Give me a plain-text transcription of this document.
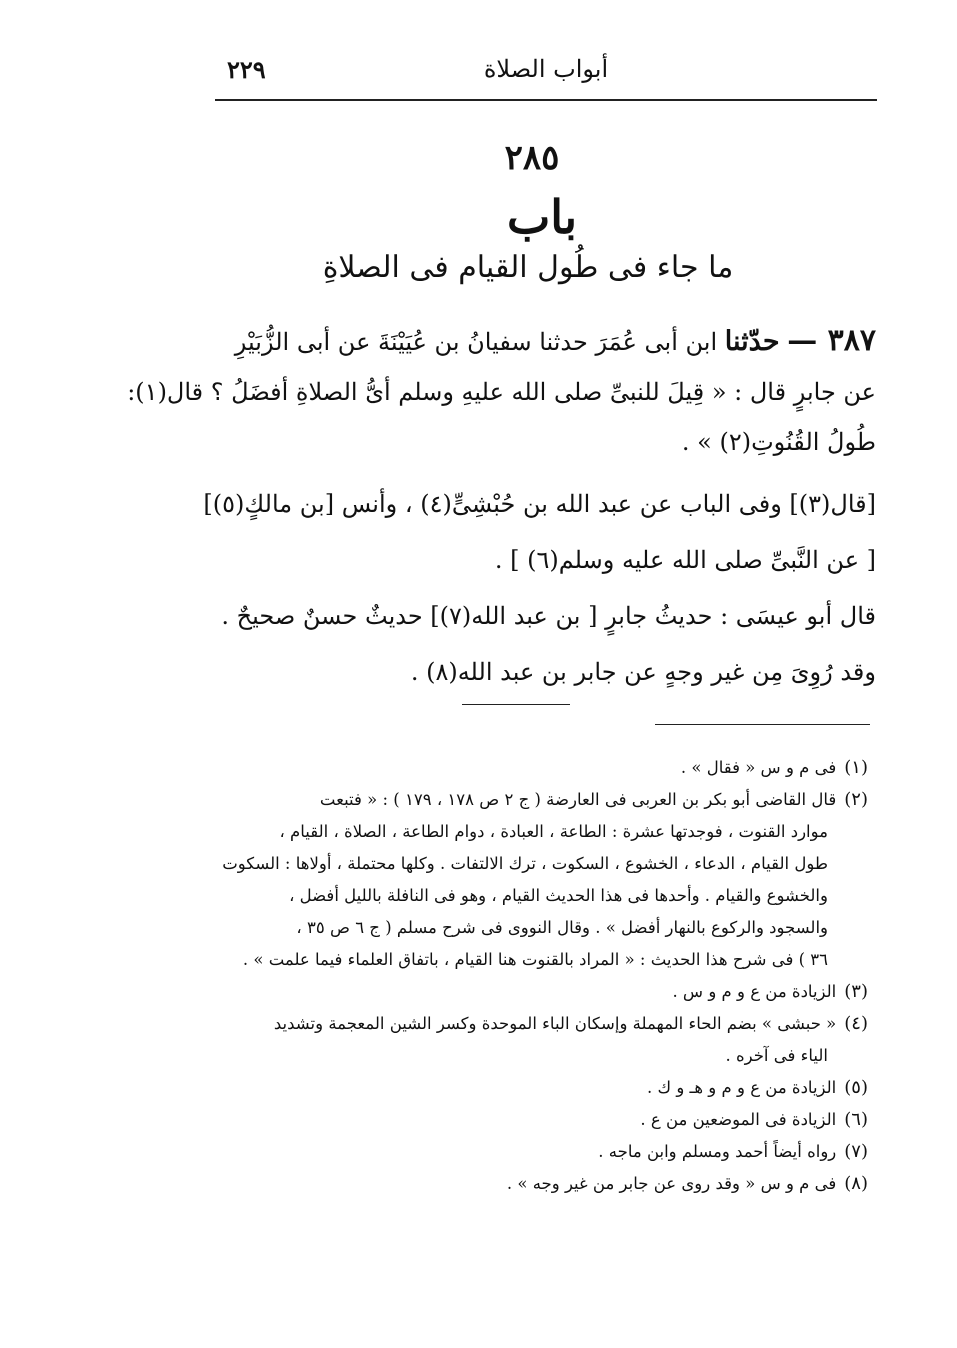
أبواب الصلاة
٢٢٩
٢٨٥
باب
ما جاء فى طُول القيام فى الصلاةِ
٣٨٧ — حدّثنا ابن أبى عُمَرَ حدثنا سفيانُ بن عُيَيْنَةَ عن أبى الزُّبَيْرِ
عن جابرٍ قال : « قِيلَ للنبىِّ صلى الله عليهِ وسلم أىُّ الصلاةِ أفضَلُ ؟ قال(١):
طُولُ القُنُوتِ(٢) » .
[قال(٣)] وفى الباب عن عبد الله بن حُبْشِىٍّ(٤) ، وأنس [بن مالكٍ(٥)]
[ عن النَّبىِّ صلى الله عليه وسلم(٦) ] .
قال أبو عيسَى : حديثُ جابرٍ [ بن عبد الله(٧)] حديثٌ حسنٌ صحيحٌ .
وقد رُوِىَ مِن غير وجهٍ عن جابر بن عبد الله(٨) .
(١)فى م و س « فقال » .
(٢)قال القاضى أبو بكر بن العربى فى العارضة ( ج ٢ ص ١٧٨ ، ١٧٩ ) : « فتبعت
موارد القنوت ، فوجدتها عشرة : الطاعة ، العبادة ، دوام الطاعة ، الصلاة ، القيام ،
طول القيام ، الدعاء ، الخشوع ، السكوت ، ترك الالتفات . وكلها محتملة ، أولاها : السكوت
والخشوع والقيام . وأحدها فى هذا الحديث القيام ، وهو فى النافلة بالليل أفضل ،
والسجود والركوع بالنهار أفضل » . وقال النووى فى شرح مسلم ( ج ٦ ص ٣٥ ،
٣٦ ) فى شرح هذا الحديث : « المراد بالقنوت هنا القيام ، باتفاق العلماء فيما علمت » .
(٣)الزيادة من ع و م و س .
(٤)« حبشى » بضم الحاء المهملة وإسكان الباء الموحدة وكسر الشين المعجمة وتشديد
الياء فى آخره .
(٥)الزيادة من ع و م و هـ و ك .
(٦)الزيادة فى الموضعين من ع .
(٧)رواه أيضاً أحمد ومسلم وابن ماجه .
(٨)فى م و س « وقد روى عن جابر من غير وجه » .
